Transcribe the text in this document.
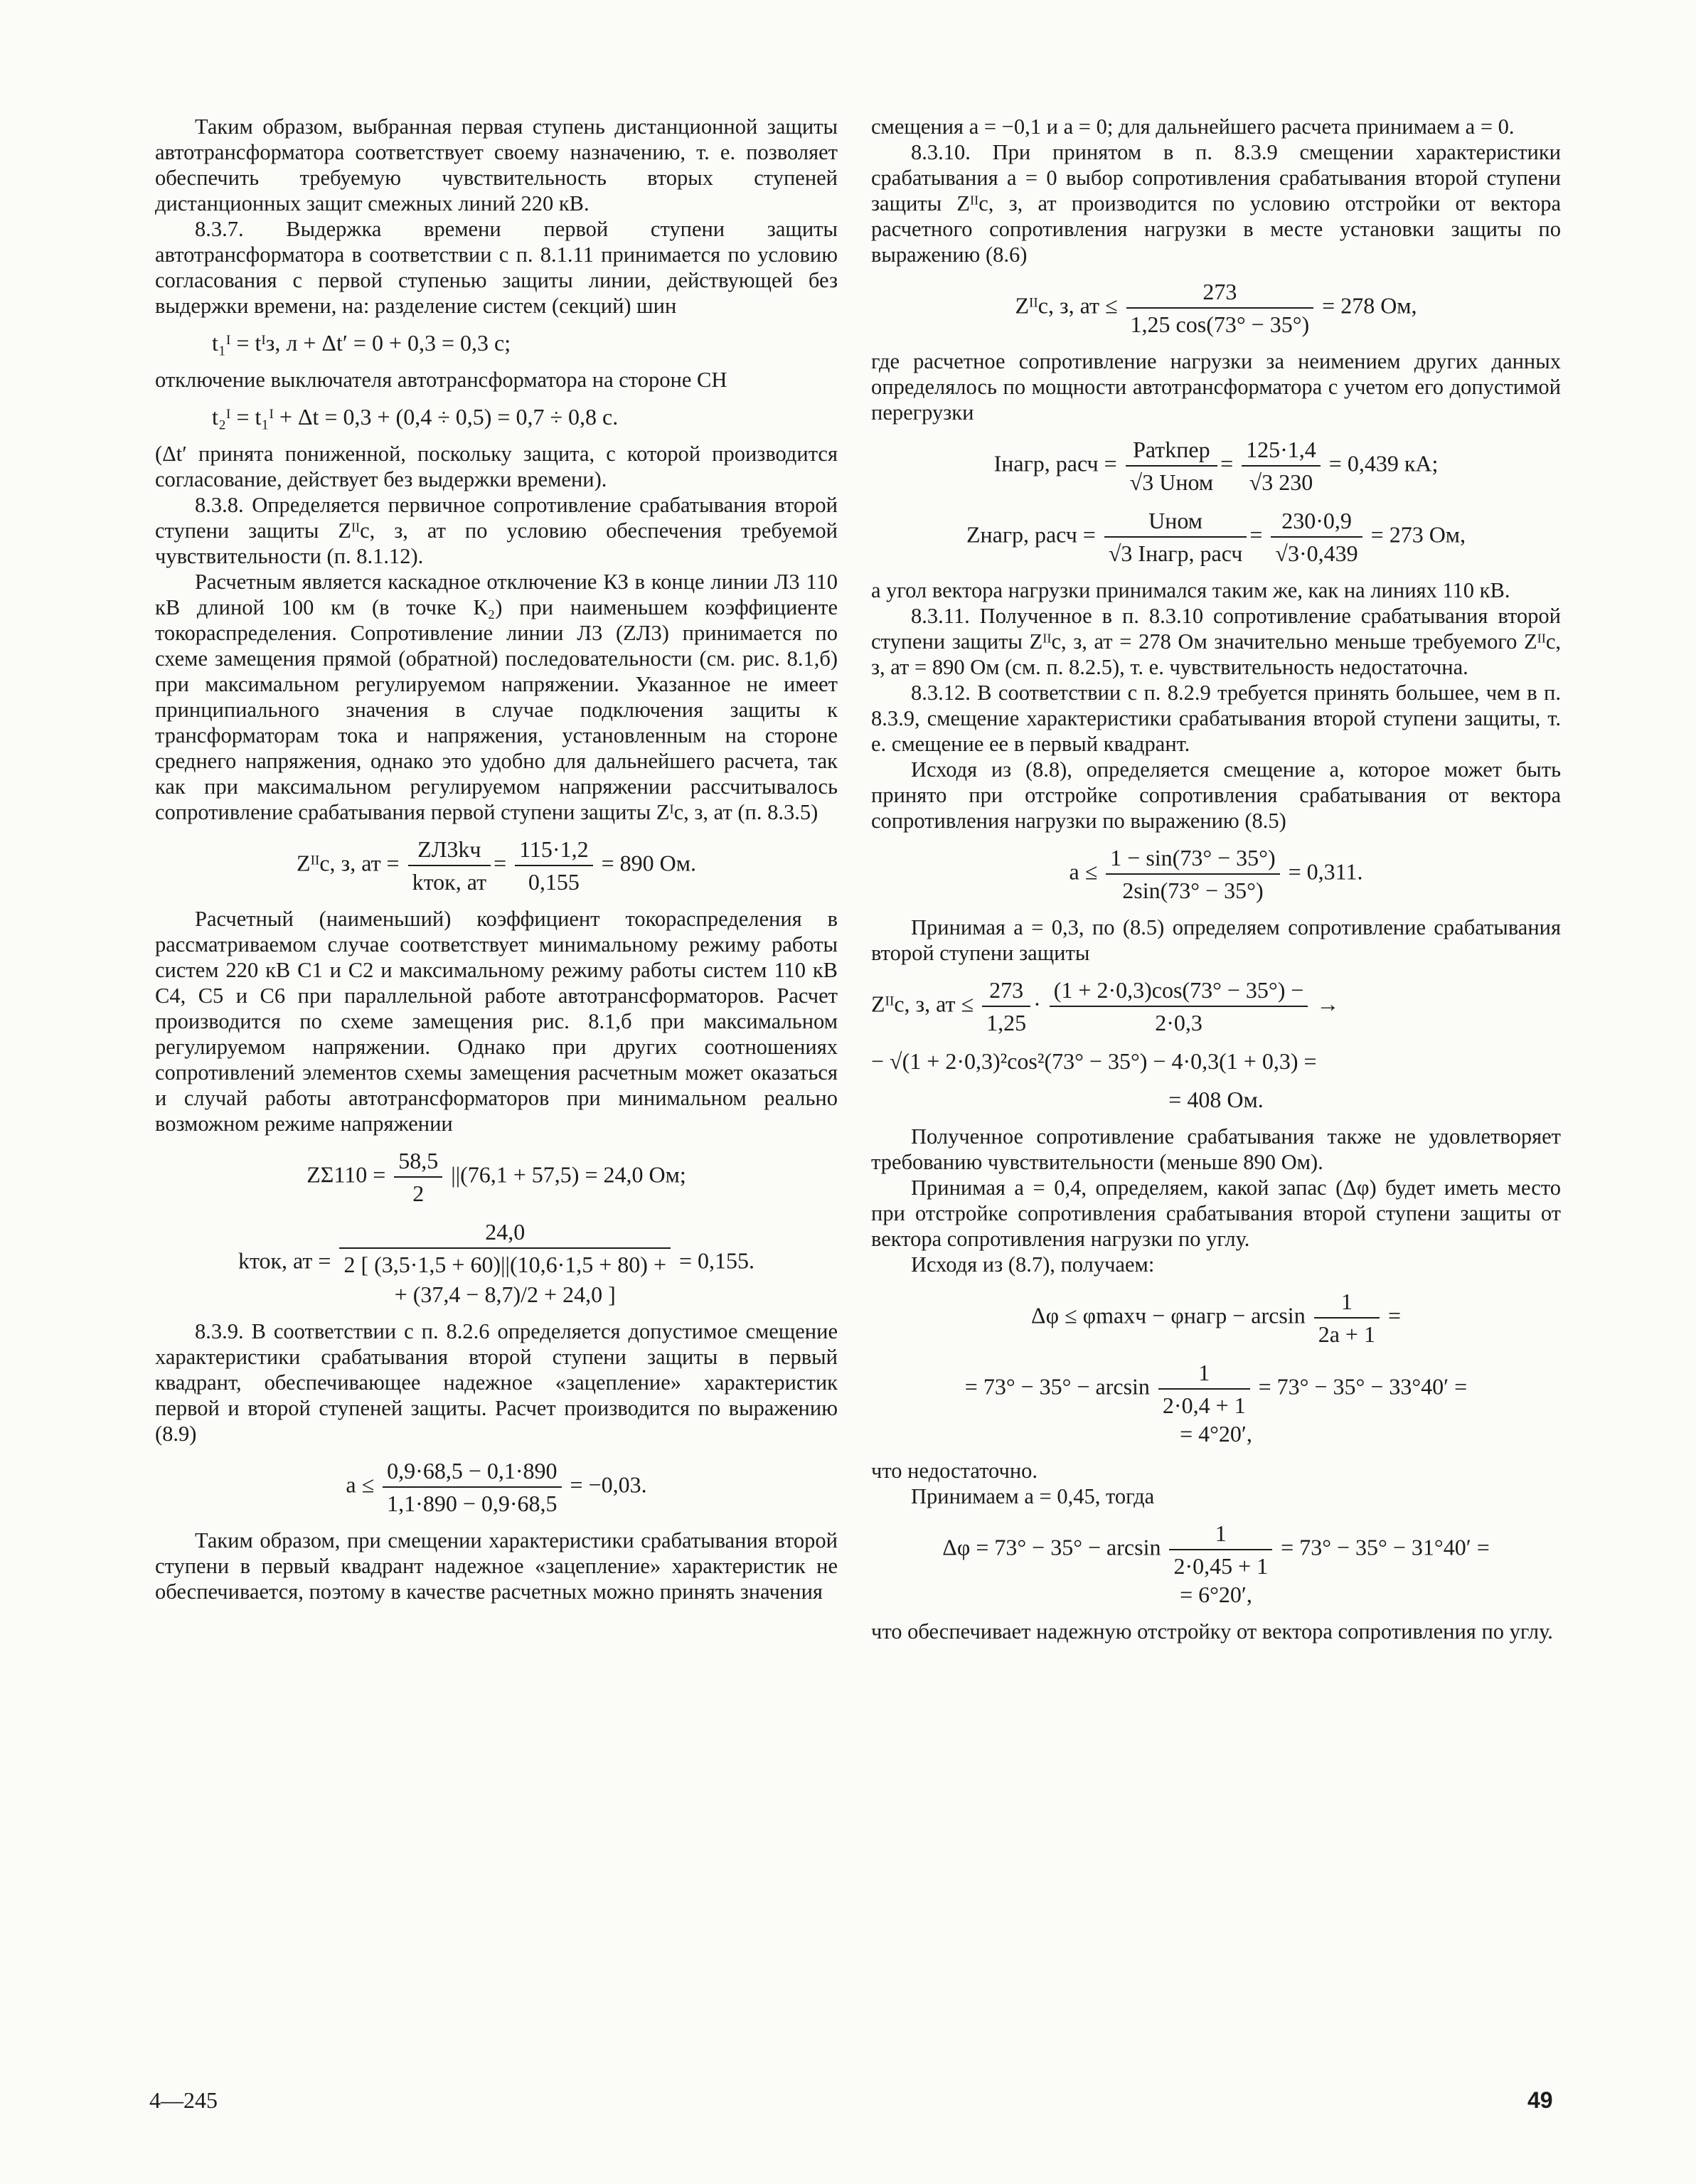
Таким образом, выбранная первая ступень дистанционной защиты автотрансформатора соответствует своему назначению, т. е. позволяет обеспечить требуемую чувствительность вторых ступеней дистанционных защит смежных линий 220 кВ.

8.3.7. Выдержка времени первой ступени защиты автотрансформатора в соответствии с п. 8.1.11 принимается по условию согласования с первой ступенью защиты линии, действующей без выдержки времени, на: разделение систем (секций) шин

t₁ᴵ = tᴵз, л + Δt′ = 0 + 0,3 = 0,3 с;

отключение выключателя автотрансформатора на стороне СН

t₂ᴵ = t₁ᴵ + Δt = 0,3 + (0,4 ÷ 0,5) = 0,7 ÷ 0,8 с.

(Δt′ принята пониженной, поскольку защита, с которой производится согласование, действует без выдержки времени).

8.3.8. Определяется первичное сопротивление срабатывания второй ступени защиты Zᴵᴵс, з, ат по условию обеспечения требуемой чувствительности (п. 8.1.12).

Расчетным является каскадное отключение КЗ в конце линии Л3 110 кВ длиной 100 км (в точке К₂) при наименьшем коэффициенте токораспределения. Сопротивление линии Л3 (ZЛ3) принимается по схеме замещения прямой (обратной) последовательности (см. рис. 8.1,б) при максимальном регулируемом напряжении. Указанное не имеет принципиального значения в случае подключения защиты к трансформаторам тока и напряжения, установленным на стороне среднего напряжения, однако это удобно для дальнейшего расчета, так как при максимальном регулируемом напряжении рассчитывалось сопротивление срабатывания первой ступени защиты Zᴵс, з, ат (п. 8.3.5)

Zᴵᴵс, з, ат = $\frac{ZЛ3kч}{\text{kток, ат}} = \frac{115\cdot 1,2}{0,155} = 890$ Ом.

Расчетный (наименьший) коэффициент токораспределения в рассматриваемом случае соответствует минимальному режиму работы систем 220 кВ С1 и С2 и максимальному режиму работы систем 110 кВ С4, С5 и С6 при параллельной работе автотрансформаторов. Расчет производится по схеме замещения рис. 8.1,б при максимальном регулируемом напряжении. Однако при других соотношениях сопротивлений элементов схемы замещения расчетным может оказаться и случай работы автотрансформаторов при минимальном реально возможном режиме напряжении

$Z\Sigma 110 = \frac{58,5}{2} ||(76,1 + 57,5) = 24,0$ Ом;
kток, ат =
24,0
2 [ (3,5·1,5 + 60)||(10,6·1,5 + 80) +
+ (37,4 − 8,7)/2 + 24,0 ]
= 0,155.

8.3.9. В соответствии с п. 8.2.6 определяется допустимое смещение характеристики срабатывания второй ступени защиты в первый квадрант, обеспечивающее надежное «зацепление» характеристик первой и второй ступеней защиты. Расчет производится по выражению (8.9)

$a \le \frac{0,9\cdot 68,5 - 0,1\cdot 890}{1,1\cdot 890 - 0,9\cdot 68,5} = -0,03$.

Таким образом, при смещении характеристики срабатывания второй ступени в первый квадрант надежное «зацепление» характеристик не обеспечивается, поэтому в качестве расчетных можно принять значения

смещения a = −0,1 и a = 0; для дальнейшего расчета принимаем a = 0.

8.3.10. При принятом в п. 8.3.9 смещении характеристики срабатывания a = 0 выбор сопротивления срабатывания второй ступени защиты Zᴵᴵс, з, ат производится по условию отстройки от вектора расчетного сопротивления нагрузки в месте установки защиты по выражению (8.6)

Zᴵᴵс, з, ат ≤ $\frac{273}{1,25 \cos(73^\circ - 35^\circ)} = 278$ Ом,

где расчетное сопротивление нагрузки за неимением других данных определялось по мощности автотрансформатора с учетом его допустимой перегрузки

Iнагр, расч = $\frac{\text{Pатkпер}}{\text{√3 Uном}} = \frac{125\cdot 1,4}{√3 230} = 0,439$ кА;
Zнагр, расч = $\frac{\text{Uном}}{\text{√3 Iнагр, расч}} = \frac{230\cdot 0,9}{√3\cdot 0,439} = 273$ Ом,

а угол вектора нагрузки принимался таким же, как на линиях 110 кВ.

8.3.11. Полученное в п. 8.3.10 сопротивление срабатывания второй ступени защиты Zᴵᴵс, з, ат = 278 Ом значительно меньше требуемого Zᴵᴵс, з, ат = 890 Ом (см. п. 8.2.5), т. е. чувствительность недостаточна.

8.3.12. В соответствии с п. 8.2.9 требуется принять большее, чем в п. 8.3.9, смещение характеристики срабатывания второй ступени защиты, т. е. смещение ее в первый квадрант.

Исходя из (8.8), определяется смещение a, которое может быть принято при отстройке сопротивления срабатывания от вектора сопротивления нагрузки по выражению (8.5)

$a \le \frac{1 - \sin(73^\circ - 35^\circ)}{2\sin(73^\circ - 35^\circ)} = 0,311$.

Принимая a = 0,3, по (8.5) определяем сопротивление срабатывания второй ступени защиты

Zᴵᴵс, з, ат ≤ $\frac{273}{1,25} \cdot \frac{(1 + 2\cdot 0,3)\cos(73^\circ - 35^\circ) -}{2\cdot 0,3}$ →
− √(1 + 2·0,3)²cos²(73° − 35°) − 4·0,3(1 + 0,3) =
= 408 Ом.

Полученное сопротивление срабатывания также не удовлетворяет требованию чувствительности (меньше 890 Ом).

Принимая a = 0,4, определяем, какой запас (Δφ) будет иметь место при отстройке сопротивления срабатывания второй ступени защиты от вектора сопротивления нагрузки по углу.

Исходя из (8.7), получаем:

Δφ ≤ φmaxч − φнагр − $\arcsin \frac{1}{2a + 1}$ =
= $73^\circ - 35^\circ - \arcsin \frac{1}{2\cdot 0,4 + 1} = 73^\circ - 35^\circ - 33^\circ 40'$ =
= 4°20′,

что недостаточно.

Принимаем a = 0,45, тогда

$\Delta\varphi = 73^\circ - 35^\circ - \arcsin \frac{1}{2\cdot 0,45 + 1} = 73^\circ - 35^\circ - 31^\circ 40'$ =
= 6°20′,

что обеспечивает надежную отстройку от вектора сопротивления по углу.

4—245	49
